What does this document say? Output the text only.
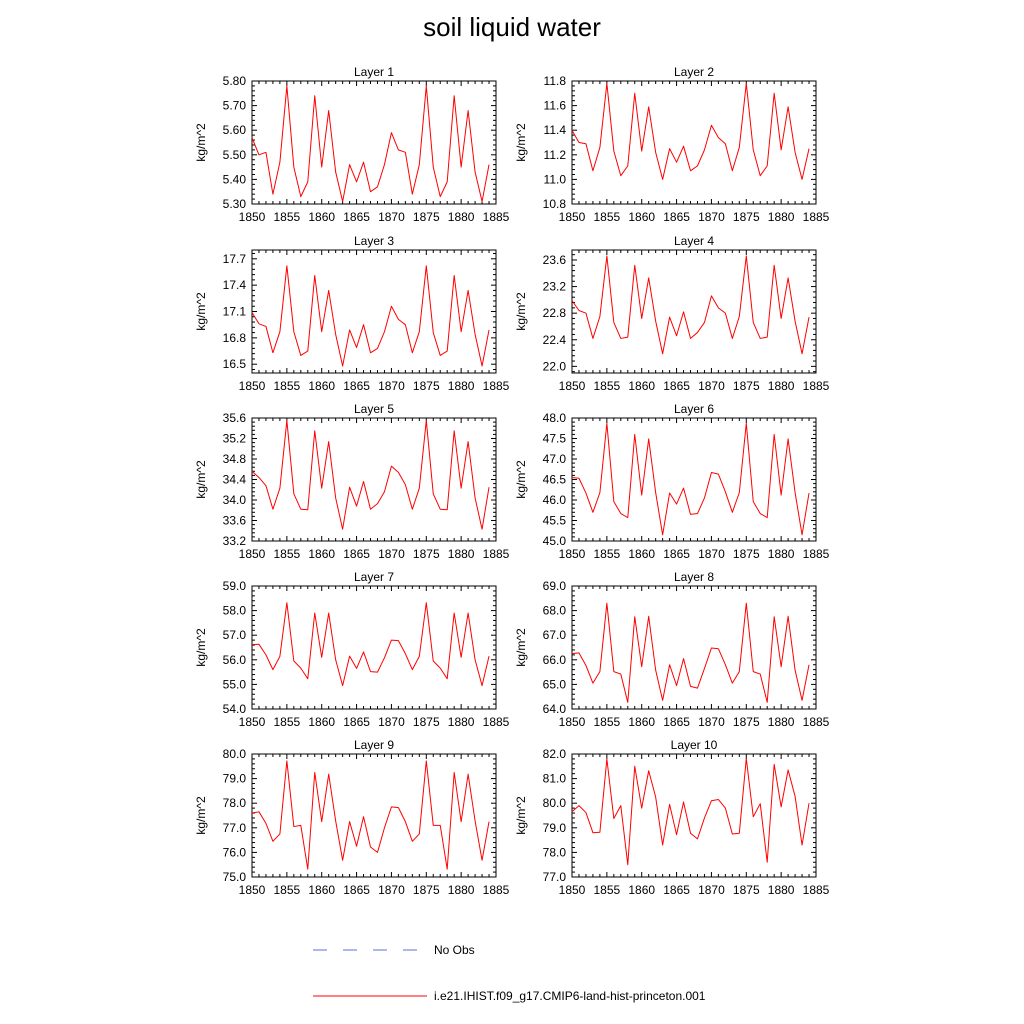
soil liquid water
Layer 1
kg/m^2
1850 1855 1860 1865 1870 1875 1880 1885
5.30
5.40
5.50
5.60
5.70
5.80
Layer 2
kg/m^2
1850 1855 1860 1865 1870 1875 1880 1885
10.8
11.0
11.2
11.4
11.6
11.8
Layer 3
kg/m^2
1850 1855 1860 1865 1870 1875 1880 1885
16.5
16.8
17.1
17.4
17.7
Layer 4
kg/m^2
1850 1855 1860 1865 1870 1875 1880 1885
22.0
22.4
22.8
23.2
23.6
Layer 5
kg/m^2
1850 1855 1860 1865 1870 1875 1880 1885
33.2
33.6
34.0
34.4
34.8
35.2
35.6
Layer 6
kg/m^2
1850 1855 1860 1865 1870 1875 1880 1885
45.0
45.5
46.0
46.5
47.0
47.5
48.0
Layer 7
kg/m^2
1850 1855 1860 1865 1870 1875 1880 1885
54.0
55.0
56.0
57.0
58.0
59.0
Layer 8
kg/m^2
1850 1855 1860 1865 1870 1875 1880 1885
64.0
65.0
66.0
67.0
68.0
69.0
Layer 9
kg/m^2
1850 1855 1860 1865 1870 1875 1880 1885
75.0
76.0
77.0
78.0
79.0
80.0
Layer 10
kg/m^2
1850 1855 1860 1865 1870 1875 1880 1885
77.0
78.0
79.0
80.0
81.0
82.0
No Obs
i.e21.IHIST.f09_g17.CMIP6-land-hist-princeton.001
